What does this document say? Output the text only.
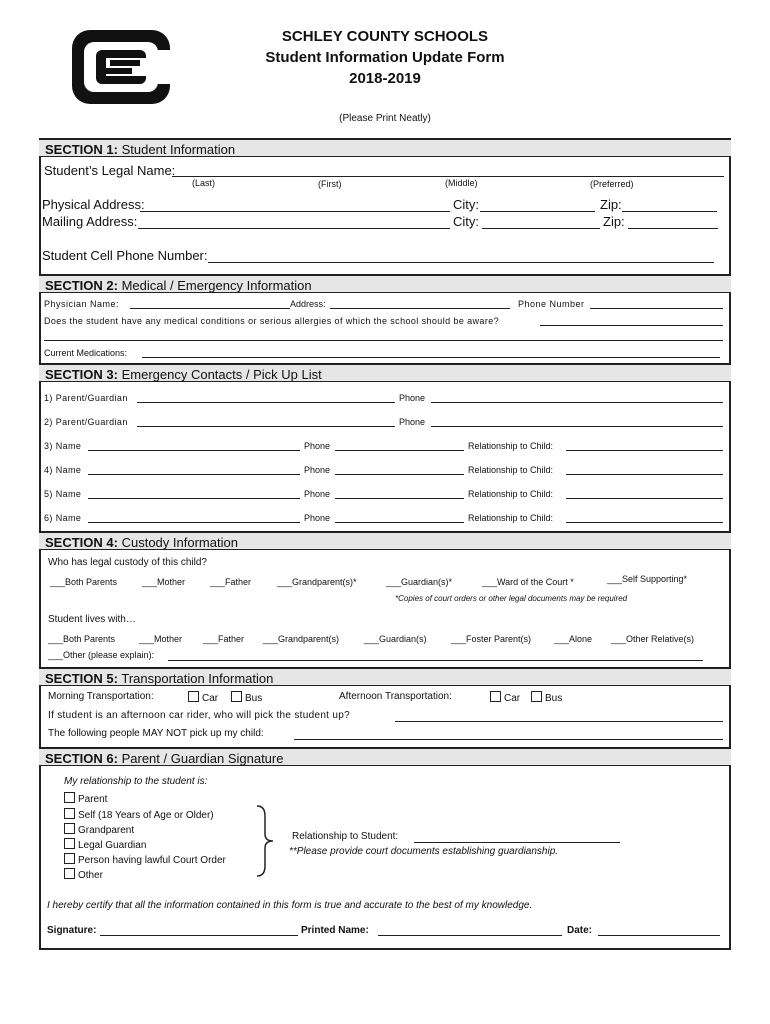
SCHLEY COUNTY SCHOOLS
Student Information Update Form
2018-2019
(Please Print Neatly)
SECTION 1: Student Information
Student’s Legal Name:
(Last)	(First)	(Middle)	(Preferred)
Physical Address:	City:	Zip:
Mailing Address:	City:	Zip:
Student Cell Phone Number:
SECTION 2: Medical / Emergency Information
Physician Name:	Address:	Phone Number
Does the student have any medical conditions or serious allergies of which the school should be aware?
Current Medications:
SECTION 3: Emergency Contacts / Pick Up List
1) Parent/Guardian	Phone
2) Parent/Guardian	Phone
3) Name	Phone	Relationship to Child:
4) Name	Phone	Relationship to Child:
5) Name	Phone	Relationship to Child:
6) Name	Phone	Relationship to Child:
SECTION 4: Custody Information
Who has legal custody of this child?
___Both Parents	___Mother	___Father	___Grandparent(s)*	___Guardian(s)*	___Ward of the Court *	___Self Supporting*
*Copies of court orders or other legal documents may be required
Student lives with…
___Both Parents	___Mother ___Father ___Grandparent(s)	___Guardian(s)	___Foster Parent(s)	___Alone ___Other Relative(s)
___Other (please explain):
SECTION 5: Transportation Information
Morning Transportation:	Car	Bus	Afternoon Transportation:	Car	Bus
If student is an afternoon car rider, who will pick the student up?
The following people MAY NOT pick up my child:
SECTION 6: Parent / Guardian Signature
My relationship to the student is:
Parent
Self (18 Years of Age or Older)
Grandparent
Legal Guardian
Person having lawful Court Order
Other
Relationship to Student:
**Please provide court documents establishing guardianship.
I hereby certify that all the information contained in this form is true and accurate to the best of my knowledge.
Signature:	Printed Name:	Date:
